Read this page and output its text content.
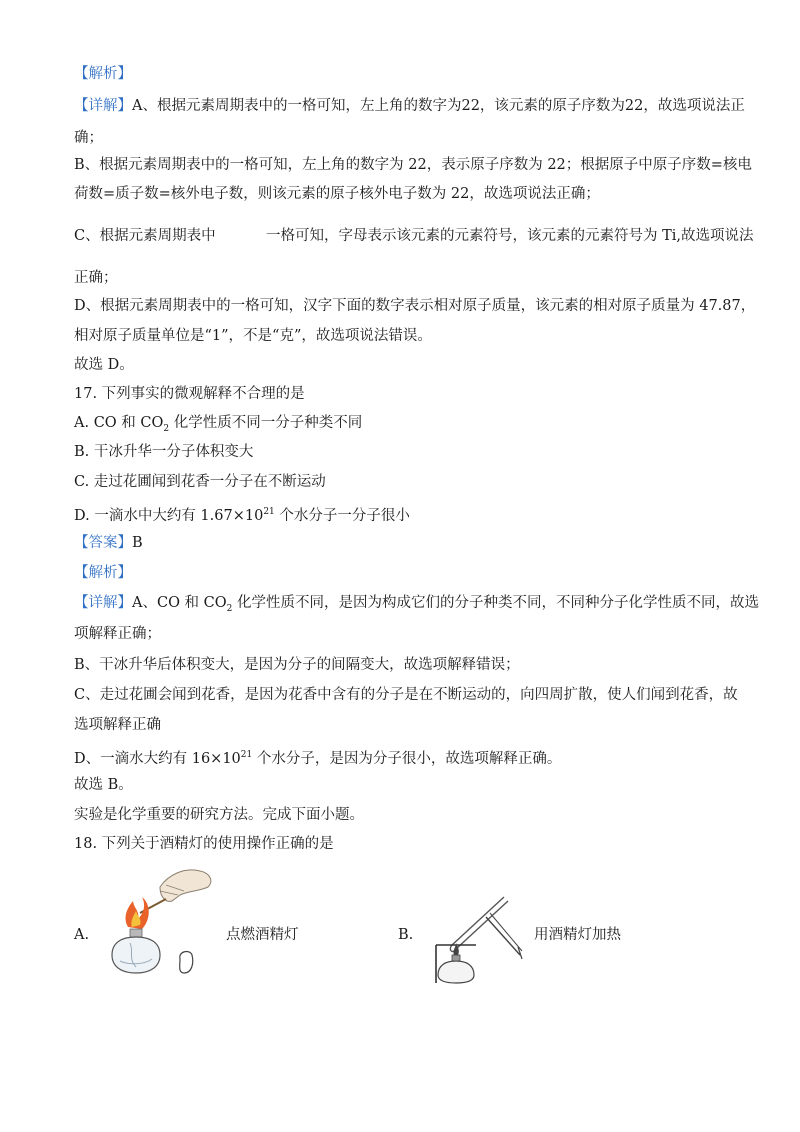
【解析】
【详解】A、根据元素周期表中的一格可知，左上角的数字为22，该元素的原子序数为22，故选项说法正
确；
B、根据元素周期表中的一格可知，左上角的数字为 22，表示原子序数为 22；根据原子中原子序数=核电
荷数=质子数=核外电子数，则该元素的原子核外电子数为 22，故选项说法正确；
C、根据元素周期表中	一格可知，字母表示该元素的元素符号，该元素的元素符号为 Ti,故选项说法
正确；
D、根据元素周期表中的一格可知，汉字下面的数字表示相对原子质量，该元素的相对原子质量为 47.87，
相对原子质量单位是“1”，不是“克”，故选项说法错误。
故选 D。
17. 下列事实的微观解释不合理的是
A. CO 和 $CO_2$ 化学性质不同一分子种类不同
B. 干冰升华一分子体积变大
C. 走过花圃闻到花香一分子在不断运动
D. 一滴水中大约有 $1.67\times 10^{21}$ 个水分子一分子很小
【答案】B
【解析】
【详解】A、CO 和 $CO_2$ 化学性质不同，是因为构成它们的分子种类不同，不同种分子化学性质不同，故选
项解释正确；
B、干冰升华后体积变大，是因为分子的间隔变大，故选项解释错误；
C、走过花圃会闻到花香，是因为花香中含有的分子是在不断运动的，向四周扩散，使人们闻到花香，故
选项解释正确
D、一滴水大约有 $16\times 10^{21}$ 个水分子，是因为分子很小，故选项解释正确。
故选 B。
实验是化学重要的研究方法。完成下面小题。
18. 下列关于酒精灯的使用操作正确的是
A.	点燃酒精灯	B.	用酒精灯加热
